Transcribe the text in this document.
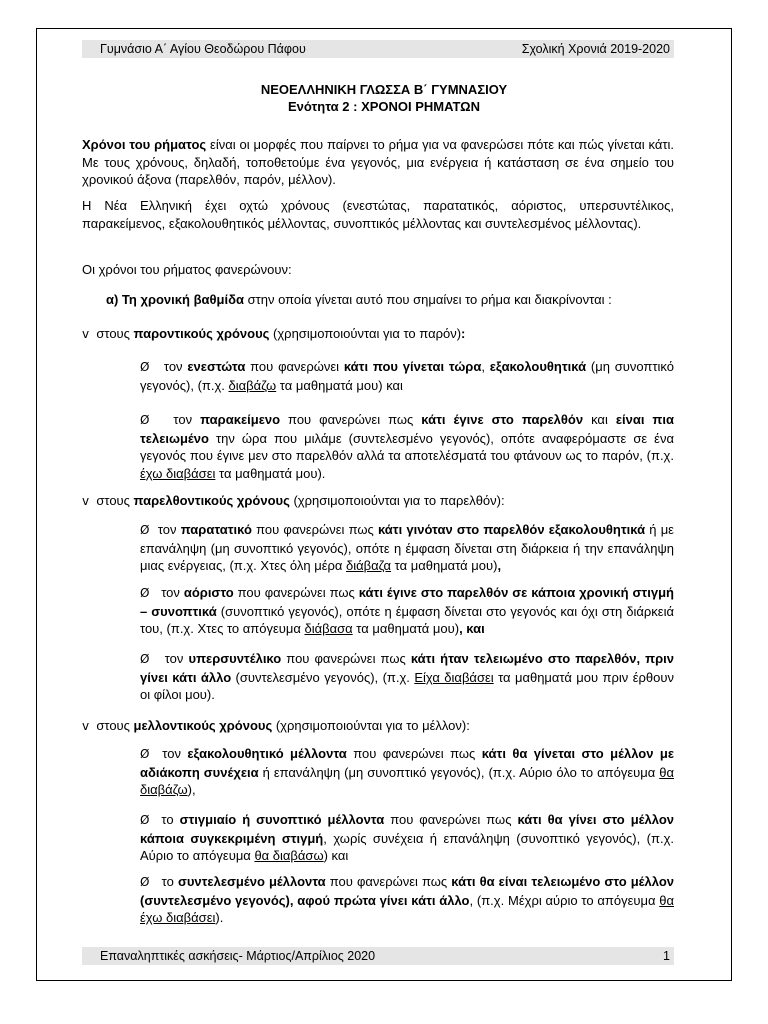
Γυμνάσιο Α΄ Αγίου Θεοδώρου Πάφου	Σχολική Χρονιά 2019-2020
ΝΕΟΕΛΛΗΝΙΚΗ ΓΛΩΣΣΑ Β΄ ΓΥΜΝΑΣΙΟΥ
Ενότητα 2 : ΧΡΟΝΟΙ ΡΗΜΑΤΩΝ
Χρόνοι του ρήματος είναι οι μορφές που παίρνει το ρήμα για να φανερώσει πότε και πώς γίνεται κάτι. Με τους χρόνους, δηλαδή, τοποθετούμε ένα γεγονός, μια ενέργεια ή κατάσταση σε ένα σημείο του χρονικού άξονα (παρελθόν, παρόν, μέλλον).
Η Νέα Ελληνική έχει οχτώ χρόνους (ενεστώτας, παρατατικός, αόριστος, υπερσυντέλικος, παρακείμενος, εξακολουθητικός μέλλοντας, συνοπτικός μέλλοντας και συντελεσμένος μέλλοντας).
Οι χρόνοι του ρήματος φανερώνουν:
α) Τη χρονική βαθμίδα στην οποία γίνεται αυτό που σημαίνει το ρήμα και διακρίνονται :
v στους παροντικούς χρόνους (χρησιμοποιούνται για το παρόν):
Ø τον ενεστώτα που φανερώνει κάτι που γίνεται τώρα, εξακολουθητικά (μη συνοπτικό γεγονός), (π.χ. διαβάζω τα μαθηματά μου) και
Ø τον παρακείμενο που φανερώνει πως κάτι έγινε στο παρελθόν και είναι πια τελειωμένο την ώρα που μιλάμε (συντελεσμένο γεγονός), οπότε αναφερόμαστε σε ένα γεγονός που έγινε μεν στο παρελθόν αλλά τα αποτελέσματά του φτάνουν ως το παρόν, (π.χ. έχω διαβάσει τα μαθηματά μου).
v στους παρελθοντικούς χρόνους (χρησιμοποιούνται για το παρελθόν):
Ø τον παρατατικό που φανερώνει πως κάτι γινόταν στο παρελθόν εξακολουθητικά ή με επανάληψη (μη συνοπτικό γεγονός), οπότε η έμφαση δίνεται στη διάρκεια ή την επανάληψη μιας ενέργειας, (π.χ. Χτες όλη μέρα διάβαζα τα μαθηματά μου),
Ø τον αόριστο που φανερώνει πως κάτι έγινε στο παρελθόν σε κάποια χρονική στιγμή – συνοπτικά (συνοπτικό γεγονός), οπότε η έμφαση δίνεται στο γεγονός και όχι στη διάρκειά του, (π.χ. Χτες το απόγευμα διάβασα τα μαθηματά μου), και
Ø τον υπερσυντέλικο που φανερώνει πως κάτι ήταν τελειωμένο στο παρελθόν, πριν γίνει κάτι άλλο (συντελεσμένο γεγονός), (π.χ. Είχα διαβάσει τα μαθηματά μου πριν έρθουν οι φίλοι μου).
v στους μελλοντικούς χρόνους (χρησιμοποιούνται για το μέλλον):
Ø τον εξακολουθητικό μέλλοντα που φανερώνει πως κάτι θα γίνεται στο μέλλον με αδιάκοπη συνέχεια ή επανάληψη (μη συνοπτικό γεγονός), (π.χ. Αύριο όλο το απόγευμα θα διαβάζω),
Ø το στιγμιαίο ή συνοπτικό μέλλοντα που φανερώνει πως κάτι θα γίνει στο μέλλον κάποια συγκεκριμένη στιγμή, χωρίς συνέχεια ή επανάληψη (συνοπτικό γεγονός), (π.χ. Αύριο το απόγευμα θα διαβάσω) και
Ø το συντελεσμένο μέλλοντα που φανερώνει πως κάτι θα είναι τελειωμένο στο μέλλον (συντελεσμένο γεγονός), αφού πρώτα γίνει κάτι άλλο, (π.χ. Μέχρι αύριο το απόγευμα θα έχω διαβάσει).
Επαναληπτικές ασκήσεις- Μάρτιος/Απρίλιος 2020	1
